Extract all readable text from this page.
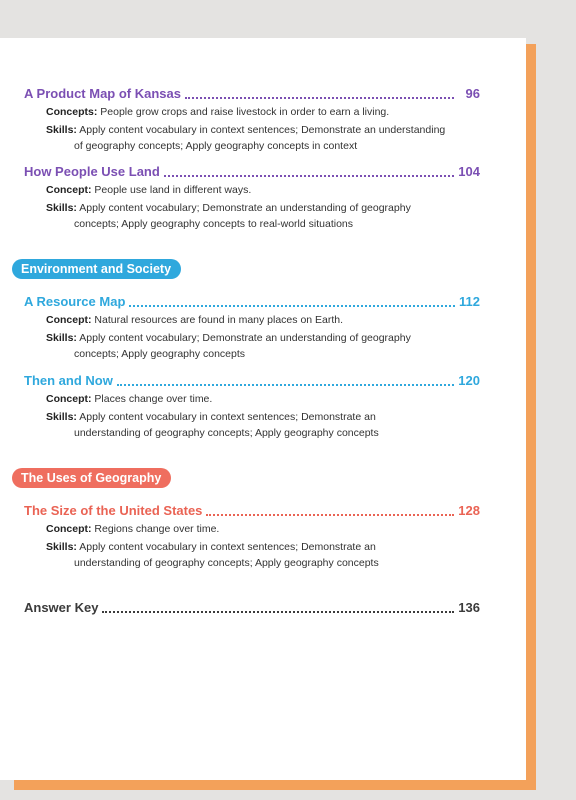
A Product Map of Kansas	96
Concepts: People grow crops and raise livestock in order to earn a living.
Skills: Apply content vocabulary in context sentences; Demonstrate an understanding
of geography concepts; Apply geography concepts in context
How People Use Land	104
Concept: People use land in different ways.
Skills: Apply content vocabulary; Demonstrate an understanding of geography
concepts; Apply geography concepts to real-world situations
Environment and Society
A Resource Map	112
Concept: Natural resources are found in many places on Earth.
Skills: Apply content vocabulary; Demonstrate an understanding of geography
concepts; Apply geography concepts
Then and Now	120
Concept: Places change over time.
Skills: Apply content vocabulary in context sentences; Demonstrate an
understanding of geography concepts; Apply geography concepts
The Uses of Geography
The Size of the United States	128
Concept: Regions change over time.
Skills: Apply content vocabulary in context sentences; Demonstrate an
understanding of geography concepts; Apply geography concepts
Answer Key	136
